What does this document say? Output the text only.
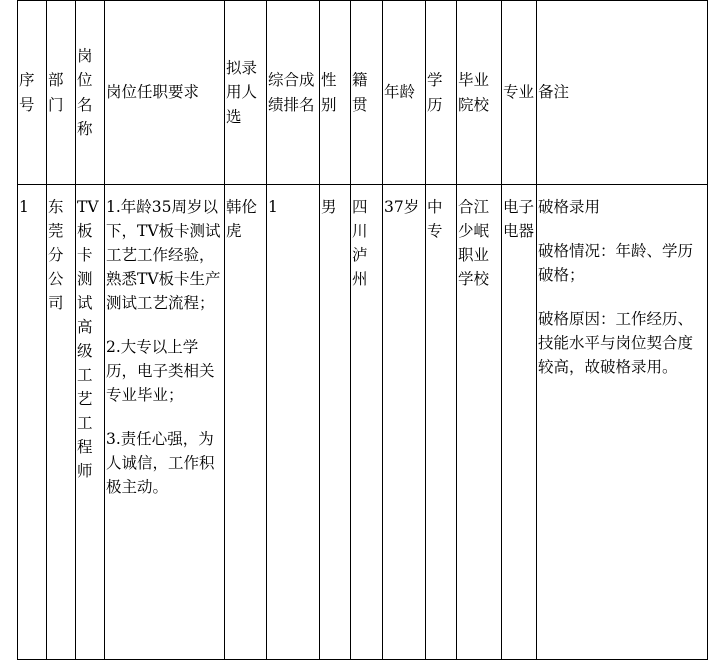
序号	部门	岗位名称	岗位任职要求	拟录用人选	综合成绩排名	性别	籍贯	年龄	学历	毕业院校	专业	备注
1	东莞分公司	TV板卡测试高级工艺工程师	1.年龄35周岁以下，TV板卡测试工艺工作经验，熟悉TV板卡生产测试工艺流程；
2.大专以上学历，电子类相关专业毕业；
3.责任心强，为人诚信，工作积极主动。	韩伦虎	1	男	四川泸州	37岁	中专	合江少岷职业学校	电子电器	破格录用
破格情况：年龄、学历破格；
破格原因：工作经历、技能水平与岗位契合度较高，故破格录用。
